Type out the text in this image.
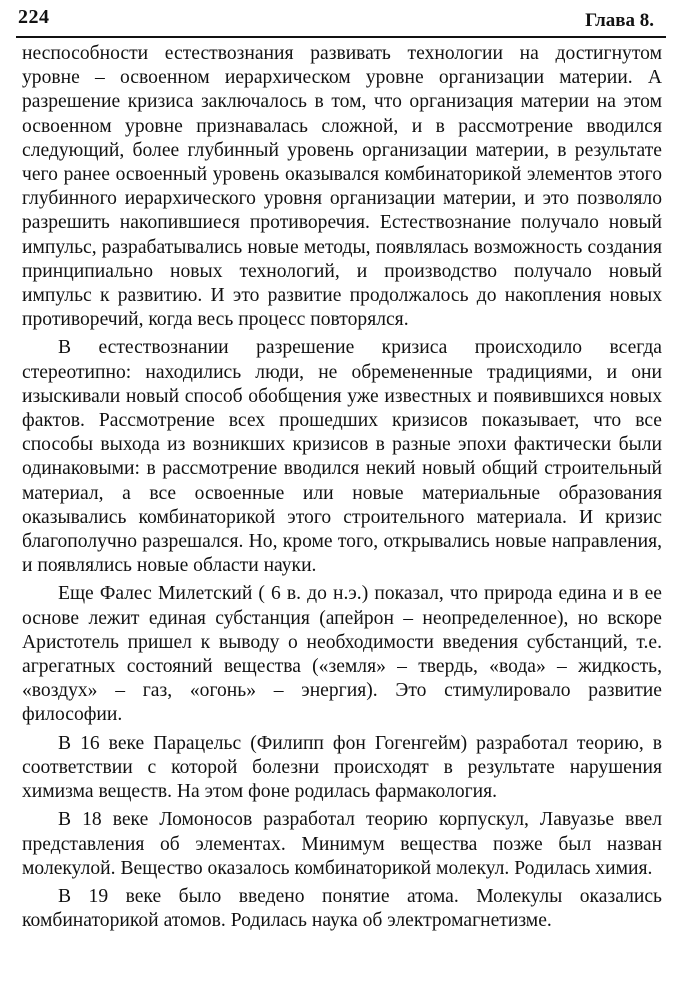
224	Глава 8.

неспособности естествознания развивать технологии на достигнутом уровне – освоенном иерархическом уровне организации материи. А разрешение кризиса заключалось в том, что организация материи на этом освоенном уровне признавалась сложной, и в рассмотрение вводился следующий, более глубинный уровень организации материи, в результате чего ранее освоенный уровень оказывался комбинаторикой элементов этого глубинного иерархического уровня организации материи, и это позволяло разрешить накопившиеся противоречия. Естествознание получало новый импульс, разрабатывались новые методы, появлялась возможность создания принципиально новых технологий, и производство получало новый импульс к развитию. И это развитие продолжалось до накопления новых противоречий, когда весь процесс повторялся.

В естествознании разрешение кризиса происходило всегда стереотипно: находились люди, не обремененные традициями, и они изыскивали новый способ обобщения уже известных и появившихся новых фактов. Рассмотрение всех прошедших кризисов показывает, что все способы выхода из возникших кризисов в разные эпохи фактически были одинаковыми: в рассмотрение вводился некий новый общий строительный материал, а все освоенные или новые материальные образования оказывались комбинаторикой этого строительного материала. И кризис благополучно разрешался. Но, кроме того, открывались новые направления, и появлялись новые области науки.

Еще Фалес Милетский ( 6 в. до н.э.) показал, что природа едина и в ее основе лежит единая субстанция (апейрон – неопределенное), но вскоре Аристотель пришел к выводу о необходимости введения субстанций, т.е. агрегатных состояний вещества («земля» – твердь, «вода» – жидкость, «воздух» – газ, «огонь» – энергия). Это стимулировало развитие философии.

В 16 веке Парацельс (Филипп фон Гогенгейм) разработал теорию, в соответствии с которой болезни происходят в результате нарушения химизма веществ. На этом фоне родилась фармакология.

В 18 веке Ломоносов разработал теорию корпускул, Лавуазье ввел представления об элементах. Минимум вещества позже был назван молекулой. Вещество оказалось комбинаторикой молекул. Родилась химия.

В 19 веке было введено понятие атома. Молекулы оказались комбинаторикой атомов. Родилась наука об электромагнетизме.
